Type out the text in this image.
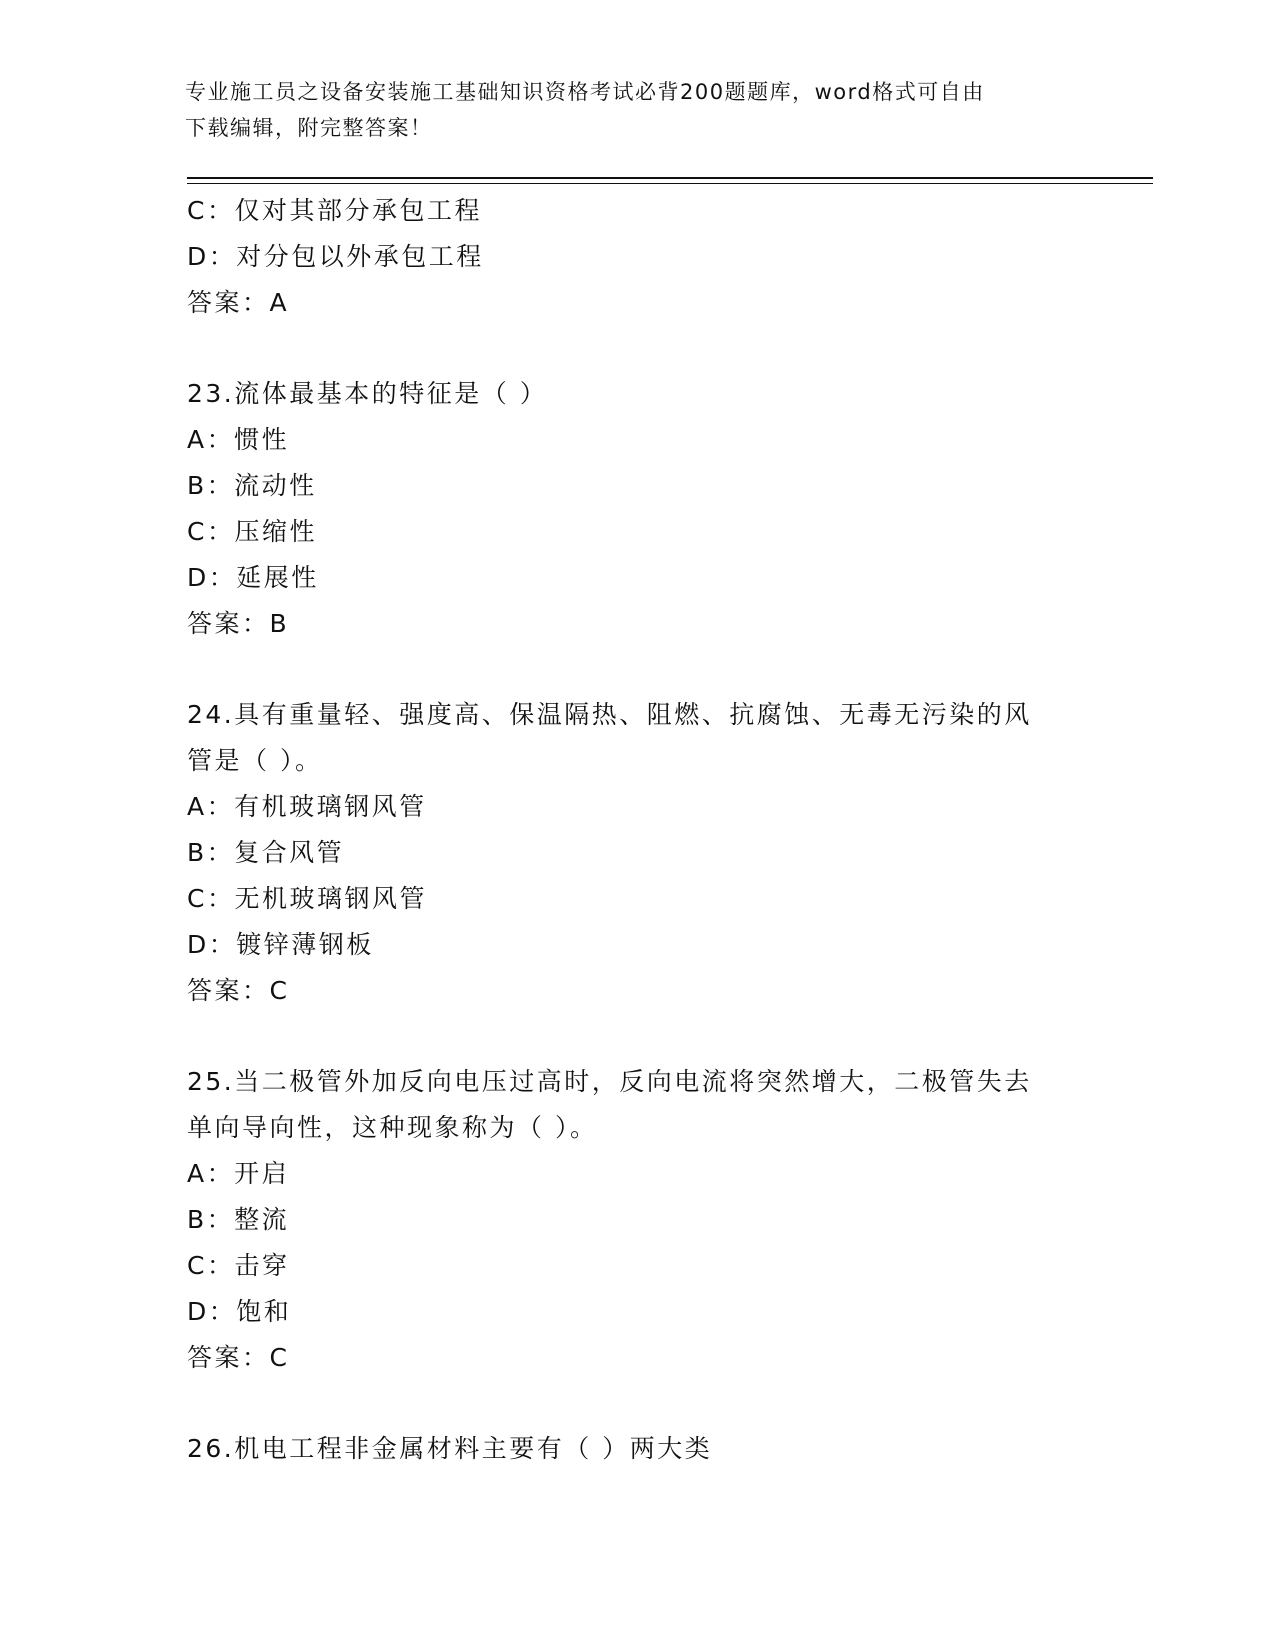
专业施工员之设备安装施工基础知识资格考试必背200题题库，word格式可自由
下载编辑，附完整答案！
C：仅对其部分承包工程
D：对分包以外承包工程
答案：A
23.流体最基本的特征是（ ）
A：惯性
B：流动性
C：压缩性
D：延展性
答案：B
24.具有重量轻、强度高、保温隔热、阻燃、抗腐蚀、无毒无污染的风
管是（ ）。
A：有机玻璃钢风管
B：复合风管
C：无机玻璃钢风管
D：镀锌薄钢板
答案：C
25.当二极管外加反向电压过高时，反向电流将突然增大，二极管失去
单向导向性，这种现象称为（ ）。
A：开启
B：整流
C：击穿
D：饱和
答案：C
26.机电工程非金属材料主要有（ ）两大类
